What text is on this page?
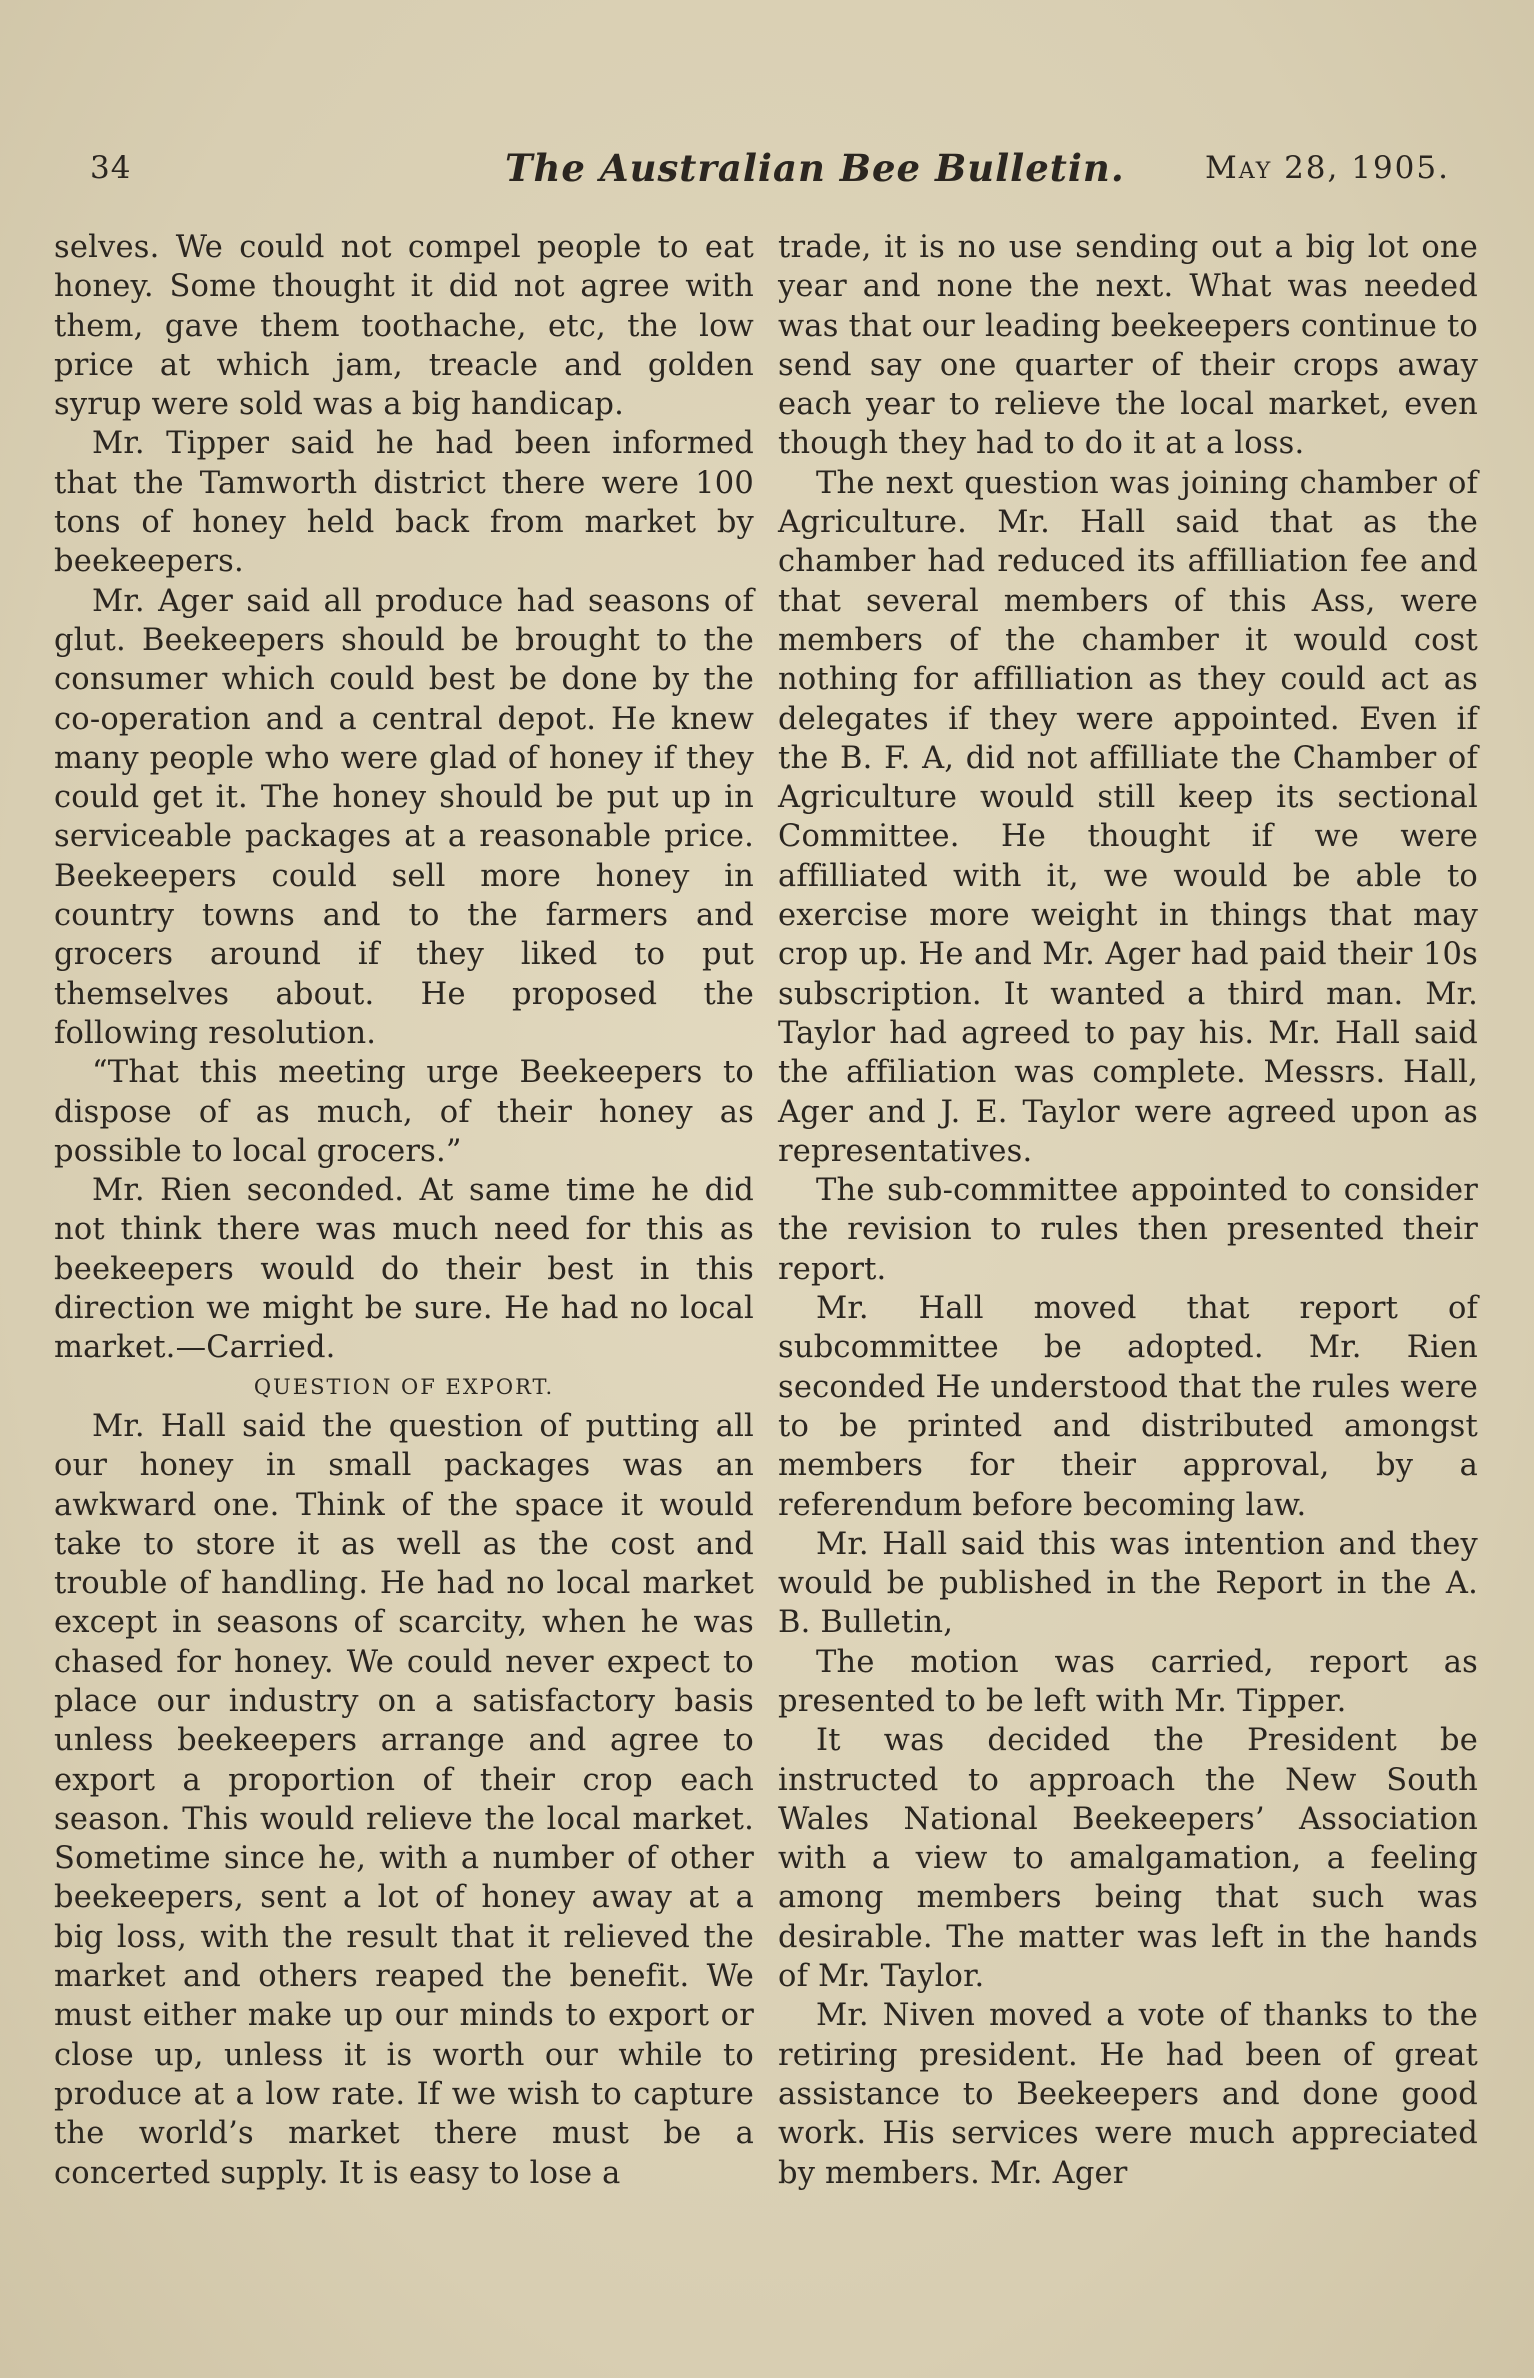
34	The Australian Bee Bulletin.	May 28, 1905.

selves. We could not compel people to eat honey. Some thought it did not agree with them, gave them toothache, etc, the low price at which jam, treacle and golden syrup were sold was a big handicap.

Mr. Tipper said he had been informed that the Tamworth district there were 100 tons of honey held back from market by beekeepers.

Mr. Ager said all produce had seasons of glut. Beekeepers should be brought to the consumer which could best be done by the co-operation and a central depot. He knew many people who were glad of honey if they could get it. The honey should be put up in serviceable packages at a reasonable price. Beekeepers could sell more honey in country towns and to the farmers and grocers around if they liked to put themselves about. He proposed the following resolution.

“That this meeting urge Beekeepers to dispose of as much, of their honey as possible to local grocers.”

Mr. Rien seconded. At same time he did not think there was much need for this as beekeepers would do their best in this direction we might be sure. He had no local market.—Carried.

QUESTION OF EXPORT.

Mr. Hall said the question of putting all our honey in small packages was an awkward one. Think of the space it would take to store it as well as the cost and trouble of handling. He had no local market except in seasons of scarcity, when he was chased for honey. We could never expect to place our industry on a satisfactory basis unless beekeepers arrange and agree to export a proportion of their crop each season. This would relieve the local market. Sometime since he, with a number of other beekeepers, sent a lot of honey away at a big loss, with the result that it relieved the market and others reaped the benefit. We must either make up our minds to export or close up, unless it is worth our while to produce at a low rate. If we wish to capture the world’s market there must be a concerted supply. It is easy to lose a

trade, it is no use sending out a big lot one year and none the next. What was needed was that our leading beekeepers continue to send say one quarter of their crops away each year to relieve the local market, even though they had to do it at a loss.

The next question was joining chamber of Agriculture. Mr. Hall said that as the chamber had reduced its affilliation fee and that several members of this Ass, were members of the chamber it would cost nothing for affilliation as they could act as delegates if they were appointed. Even if the B. F. A, did not affilliate the Chamber of Agriculture would still keep its sectional Committee. He thought if we were affilliated with it, we would be able to exercise more weight in things that may crop up. He and Mr. Ager had paid their 10s subscription. It wanted a third man. Mr. Taylor had agreed to pay his. Mr. Hall said the affiliation was complete. Messrs. Hall, Ager and J. E. Taylor were agreed upon as representatives.

The sub-committee appointed to consider the revision to rules then presented their report.

Mr. Hall moved that report of subcommittee be adopted. Mr. Rien seconded He understood that the rules were to be printed and distributed amongst members for their approval, by a referendum before becoming law.

Mr. Hall said this was intention and they would be published in the Report in the A. B. Bulletin,

The motion was carried, report as presented to be left with Mr. Tipper.

It was decided the President be instructed to approach the New South Wales National Beekeepers’ Association with a view to amalgamation, a feeling among members being that such was desirable. The matter was left in the hands of Mr. Taylor.

Mr. Niven moved a vote of thanks to the retiring president. He had been of great assistance to Beekeepers and done good work. His services were much appreciated by members. Mr. Ager
